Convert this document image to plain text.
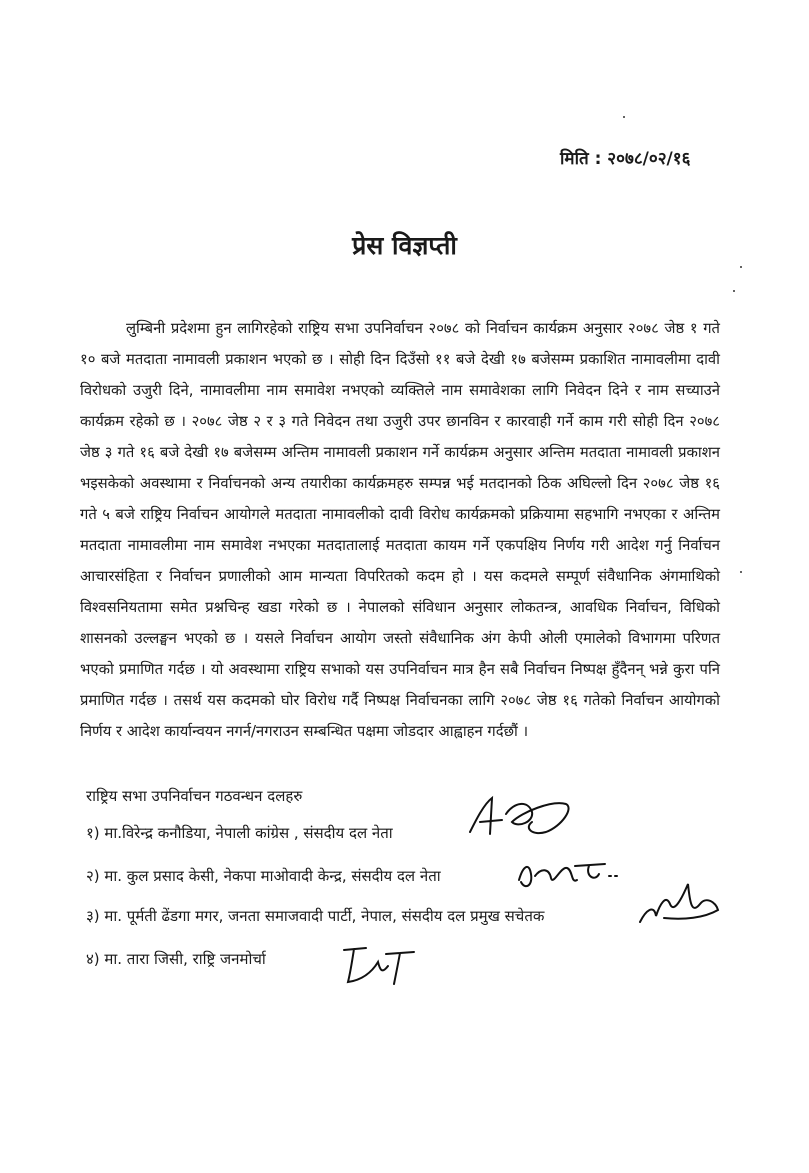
मिति : २०७८/०२/१६
प्रेस विज्ञप्ती

लुम्बिनी प्रदेशमा हुन लागिरहेको राष्ट्रिय सभा उपनिर्वाचन २०७८ को निर्वाचन कार्यक्रम अनुसार २०७८ जेष्ठ १ गते १० बजे मतदाता नामावली प्रकाशन भएको छ । सोही दिन दिउँसो ११ बजे देखी १७ बजेसम्म प्रकाशित नामावलीमा दावी विरोधको उजुरी दिने, नामावलीमा नाम समावेश नभएको व्यक्तिले नाम समावेशका लागि निवेदन दिने र नाम सच्याउने कार्यक्रम रहेको छ । २०७८ जेष्ठ २ र ३ गते निवेदन तथा उजुरी उपर छानविन र कारवाही गर्ने काम गरी सोही दिन २०७८ जेष्ठ ३ गते १६ बजे देखी १७ बजेसम्म अन्तिम नामावली प्रकाशन गर्ने कार्यक्रम अनुसार अन्तिम मतदाता नामावली प्रकाशन भइसकेको अवस्थामा र निर्वाचनको अन्य तयारीका कार्यक्रमहरु सम्पन्न भई मतदानको ठिक अघिल्लो दिन २०७८ जेष्ठ १६ गते ५ बजे राष्ट्रिय निर्वाचन आयोगले मतदाता नामावलीको दावी विरोध कार्यक्रमको प्रक्रियामा सहभागि नभएका र अन्तिम मतदाता नामावलीमा नाम समावेश नभएका मतदातालाई मतदाता कायम गर्ने एकपक्षिय निर्णय गरी आदेश गर्नु निर्वाचन आचारसंहिता र निर्वाचन प्रणालीको आम मान्यता विपरितको कदम हो । यस कदमले सम्पूर्ण संवैधानिक अंगमाथिको विश्वसनियतामा समेत प्रश्नचिन्ह खडा गरेको छ । नेपालको संविधान अनुसार लोकतन्त्र, आवधिक निर्वाचन, विधिको शासनको उल्लङ्घन भएको छ । यसले निर्वाचन आयोग जस्तो संवैधानिक अंग केपी ओली एमालेको विभागमा परिणत भएको प्रमाणित गर्दछ । यो अवस्थामा राष्ट्रिय सभाको यस उपनिर्वाचन मात्र हैन सबै निर्वाचन निष्पक्ष हुँदैनन् भन्ने कुरा पनि प्रमाणित गर्दछ । तसर्थ यस कदमको घोर विरोध गर्दै निष्पक्ष निर्वाचनका लागि २०७८ जेष्ठ १६ गतेको निर्वाचन आयोगको निर्णय र आदेश कार्यान्वयन नगर्न/नगराउन सम्बन्धित पक्षमा जोडदार आह्वाहन गर्दछौं ।

राष्ट्रिय सभा उपनिर्वाचन गठवन्धन दलहरु
१) मा.विरेन्द्र कनौडिया, नेपाली कांग्रेस , संसदीय दल नेता
२) मा. कुल प्रसाद केसी, नेकपा माओवादी केन्द्र, संसदीय दल नेता
३) मा. पूर्मती ढेंडगा मगर, जनता समाजवादी पार्टी, नेपाल, संसदीय दल प्रमुख सचेतक
४) मा. तारा जिसी, राष्ट्रि जनमोर्चा
